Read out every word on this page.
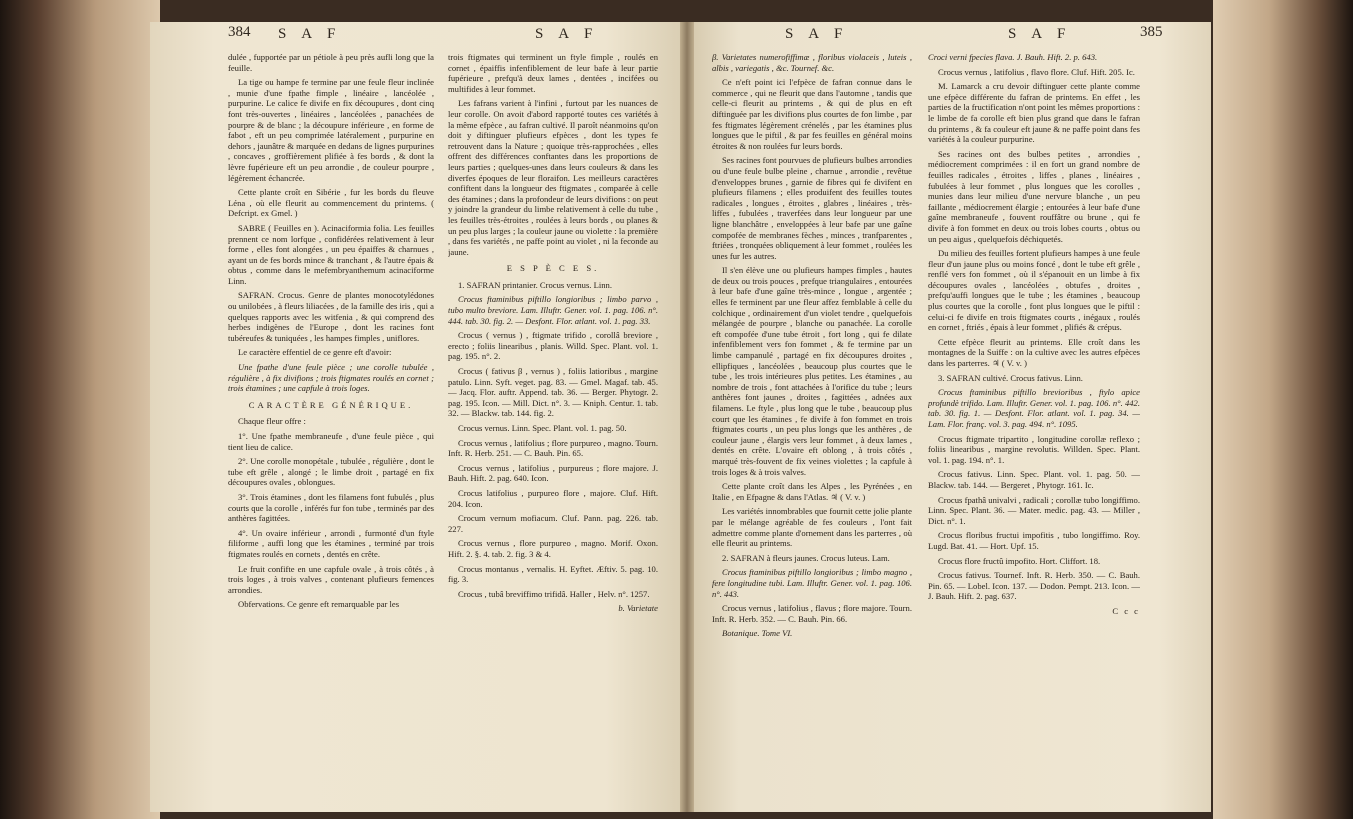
384 S A F	S A F	S A F	S A F	385

dulée , fupportée par un pétiole à peu près aufli long que la feuille.

La tige ou hampe fe termine par une feule fleur inclinée , munie d'une fpathe fimple , linéaire , lancéolée , purpurine. Le calice fe divife en fix découpures , dont cinq font très-ouvertes , linéaires , lancéolées , panachées de pourpre & de blanc ; la découpure inférieure , en forme de fabot , eft un peu comprimée latéralement , purpurine en dehors , jaunâtre & marquée en dedans de lignes purpurines , concaves , groffièrement plifiée à fes bords , & dont la lèvre fupérieure eft un peu arrondie , de couleur pourpre , légèrement échancrée.

Cette plante croît en Sibérie , fur les bords du fleuve Léna , où elle fleurit au commencement du printems. ( Defcript. ex Gmel. )

SABRE ( Feuilles en ). Acinaciformia folia. Les feuilles prennent ce nom lorfque , confidérées relativement à leur forme , elles font alongées , un peu épaiffes & charnues , ayant un de fes bords mince & tranchant , & l'autre épais & obtus , comme dans le mefembryanthemum acinaciforme Linn.

SAFRAN. Crocus. Genre de plantes monocotylédones ou unilobées , à fleurs liliacées , de la famille des iris , qui a quelques rapports avec les witfenia , & qui comprend des herbes indigènes de l'Europe , dont les racines font tubéreufes & tuniquées , les hampes fimples , uniflores.

Le caractère effentiel de ce genre eft d'avoir:

Une fpathe d'une feule pièce ; une corolle tubulée , régulière , à fix divifions ; trois ftigmates roulés en cornet ; trois étamines ; une capfule à trois loges.

CARACTÈRE GÉNÉRIQUE.

Chaque fleur offre :

1°. Une fpathe membraneufe , d'une feule pièce , qui tient lieu de calice.

2°. Une corolle monopétale , tubulée , régulière , dont le tube eft grêle , alongé ; le limbe droit , partagé en fix découpures ovales , oblongues.

3°. Trois étamines , dont les filamens font fubulés , plus courts que la corolle , inférés fur fon tube , terminés par des anthères fagittées.

4°. Un ovaire inférieur , arrondi , furmonté d'un ftyle filiforme , auffi long que les étamines , terminé par trois ftigmates roulés en cornets , dentés en crête.

Le fruit confifte en une capfule ovale , à trois côtés , à trois loges , à trois valves , contenant plufieurs femences arrondies.

Obfervations. Ce genre eft remarquable par les

trois ftigmates qui terminent un ftyle fimple , roulés en cornet , épaiffis infenfiblement de leur bafe à leur partie fupérieure , prefqu'à deux lames , dentées , incifées ou multifides à leur fommet.

Les fafrans varient à l'infini , furtout par les nuances de leur corolle. On avoit d'abord rapporté toutes ces variétés à la même efpèce , au fafran cultivé. Il paroît néanmoins qu'on doit y diftinguer plufieurs efpèces , dont les types fe retrouvent dans la Nature ; quoique très-rapprochées , elles offrent des différences conftantes dans les proportions de leurs parties ; quelques-unes dans leurs couleurs & dans les diverfes époques de leur floraifon. Les meilleurs caractères confiftent dans la longueur des ftigmates , comparée à celle des étamines ; dans la profondeur de leurs divifions : on peut y joindre la grandeur du limbe relativement à celle du tube , les feuilles très-étroites , roulées à leurs bords , ou planes & un peu plus larges ; la couleur jaune ou violette : la première , dans fes variétés , ne paffe point au violet , ni la feconde au jaune.

E S P È C E S.

1. SAFRAN printanier. Crocus vernus. Linn.

Crocus ftaminibus piftillo longioribus ; limbo parvo , tubo multo breviore. Lam. Illuftr. Gener. vol. 1. pag. 106. n°. 444. tab. 30. fig. 2. — Desfont. Flor. atlant. vol. 1. pag. 33.

Crocus ( vernus ) , ftigmate trifido , corollâ breviore , erecto ; foliis linearibus , planis. Willd. Spec. Plant. vol. 1. pag. 195. n°. 2.

Crocus ( fativus β , vernus ) , foliis latioribus , margine patulo. Linn. Syft. veget. pag. 83. — Gmel. Magaf. tab. 45. — Jacq. Flor. auftr. Append. tab. 36. — Berger. Phytogr. 2. pag. 195. Icon. — Mill. Dict. n°. 3. — Kniph. Centur. 1. tab. 32. — Blackw. tab. 144. fig. 2.

Crocus vernus. Linn. Spec. Plant. vol. 1. pag. 50.

Crocus vernus , latifolius ; flore purpureo , magno. Tourn. Inft. R. Herb. 251. — C. Bauh. Pin. 65.

Crocus vernus , latifolius , purpureus ; flore majore. J. Bauh. Hift. 2. pag. 640. Icon.

Crocus latifolius , purpureo flore , majore. Cluf. Hift. 204. Icon.

Crocum vernum mofiacum. Cluf. Pann. pag. 226. tab. 227.

Crocus vernus , flore purpureo , magno. Morif. Oxon. Hift. 2. §. 4. tab. 2. fig. 3 & 4.

Crocus montanus , vernalis. H. Eyftet. Æftiv. 5. pag. 10. fig. 3.

Crocus , tubâ breviffimo trifidâ. Haller , Helv. n°. 1257.

b. Varietate

β. Varietates numerofiffimæ , floribus violaceis , luteis , albis , variegatis , &c. Tournef. &c.

Ce n'eft point ici l'efpèce de fafran connue dans le commerce , qui ne fleurit que dans l'automne , tandis que celle-ci fleurit au printems , & qui de plus en eft diftinguée par les divifions plus courtes de fon limbe , par fes ftigmates légèrement crénelés , par les étamines plus longues que le piftil , & par fes feuilles en général moins étroites & non roulées fur leurs bords.

Ses racines font pourvues de plufieurs bulbes arrondies ou d'une feule bulbe pleine , charnue , arrondie , revêtue d'enveloppes brunes , garnie de fibres qui fe divifent en plufieurs filamens ; elles produifent des feuilles toutes radicales , longues , étroites , glabres , linéaires , très-liffes , fubulées , traverfées dans leur longueur par une ligne blanchâtre , enveloppées à leur bafe par une gaîne compofée de membranes fèches , minces , tranfparentes , ftriées , tronquées obliquement à leur fommet , roulées les unes fur les autres.

Il s'en élève une ou plufieurs hampes fimples , hautes de deux ou trois pouces , prefque triangulaires , entourées à leur bafe d'une gaîne très-mince , longue , argentée ; elles fe terminent par une fleur affez femblable à celle du colchique , ordinairement d'un violet tendre , quelquefois mélangée de pourpre , blanche ou panachée. La corolle eft compofée d'une tube étroit , fort long , qui fe dilate infenfiblement vers fon fommet , & fe termine par un limbe campanulé , partagé en fix découpures droites , ellipfiques , lancéolées , beaucoup plus courtes que le tube , les trois intérieures plus petites. Les étamines , au nombre de trois , font attachées à l'orifice du tube ; leurs anthères font jaunes , droites , fagittées , adnées aux filamens. Le ftyle , plus long que le tube , beaucoup plus court que les étamines , fe divife à fon fommet en trois ftigmates courts , un peu plus longs que les anthères , de couleur jaune , élargis vers leur fommet , à deux lames , dentés en crête. L'ovaire eft oblong , à trois côtés , marqué très-fouvent de fix veines violettes ; la capfule à trois loges & à trois valves.

Cette plante croît dans les Alpes , les Pyrénées , en Italie , en Efpagne & dans l'Atlas. ♃ ( V. v. )

Les variétés innombrables que fournit cette jolie plante par le mélange agréable de fes couleurs , l'ont fait admettre comme plante d'ornement dans les parterres , où elle fleurit au printems.

2. SAFRAN à fleurs jaunes. Crocus luteus. Lam.

Crocus ftaminibus piftillo longioribus ; limbo magno , fere longitudine tubi. Lam. Illuftr. Gener. vol. 1. pag. 106. n°. 443.

Crocus vernus , latifolius , flavus ; flore majore. Tourn. Inft. R. Herb. 352. — C. Bauh. Pin. 66.

Botanique. Tome VI.

Croci verni fpecies flava. J. Bauh. Hift. 2. p. 643.

Crocus vernus , latifolius , flavo flore. Cluf. Hift. 205. Ic.

M. Lamarck a cru devoir diftinguer cette plante comme une efpèce différente du fafran de printems. En effet , les parties de la fructification n'ont point les mêmes proportions : le limbe de fa corolle eft bien plus grand que dans le fafran du printems , & fa couleur eft jaune & ne paffe point dans fes variétés à la couleur purpurine.

Ses racines ont des bulbes petites , arrondies , médiocrement comprimées : il en fort un grand nombre de feuilles radicales , étroites , liffes , planes , linéaires , fubulées à leur fommet , plus longues que les corolles , munies dans leur milieu d'une nervure blanche , un peu faillante , médiocrement élargie ; entourées à leur bafe d'une gaîne membraneufe , fouvent rouffâtre ou brune , qui fe divife à fon fommet en deux ou trois lobes courts , obtus ou un peu aigus , quelquefois déchiquetés.

Du milieu des feuilles fortent plufieurs hampes à une feule fleur d'un jaune plus ou moins foncé , dont le tube eft grêle , renflé vers fon fommet , où il s'épanouit en un limbe à fix découpures ovales , lancéolées , obtufes , droites , prefqu'auffi longues que le tube ; les étamines , beaucoup plus courtes que la corolle , font plus longues que le piftil : celui-ci fe divife en trois ftigmates courts , inégaux , roulés en cornet , ftriés , épais à leur fommet , plifiés & crépus.

Cette efpèce fleurit au printems. Elle croît dans les montagnes de la Suiffe : on la cultive avec les autres efpèces dans les parterres. ♃ ( V. v. )

3. SAFRAN cultivé. Crocus fativus. Linn.

Crocus ftaminibus piftillo brevioribus , ftylo apice profundè trifido. Lam. Illuftr. Gener. vol. 1. pag. 106. n°. 442. tab. 30. fig. 1. — Desfont. Flor. atlant. vol. 1. pag. 34. — Lam. Flor. franç. vol. 3. pag. 494. n°. 1095.

Crocus ftigmate tripartito , longitudine corollæ reflexo ; foliis linearibus , margine revolutis. Willden. Spec. Plant. vol. 1. pag. 194. n°. 1.

Crocus fativus. Linn. Spec. Plant. vol. 1. pag. 50. — Blackw. tab. 144. — Bergeret , Phytogr. 161. Ic.

Crocus fpathâ univalvi , radicali ; corollæ tubo longiffimo. Linn. Spec. Plant. 36. — Mater. medic. pag. 43. — Miller , Dict. n°. 1.

Crocus floribus fructui impofitis , tubo longiffimo. Roy. Lugd. Bat. 41. — Hort. Upf. 15.

Crocus flore fructû impofito. Hort. Cliffort. 18.

Crocus fativus. Tournef. Inft. R. Herb. 350. — C. Bauh. Pin. 65. — Lobel. Icon. 137. — Dodon. Pempt. 213. Icon. — J. Bauh. Hift. 2. pag. 637.

C c c
